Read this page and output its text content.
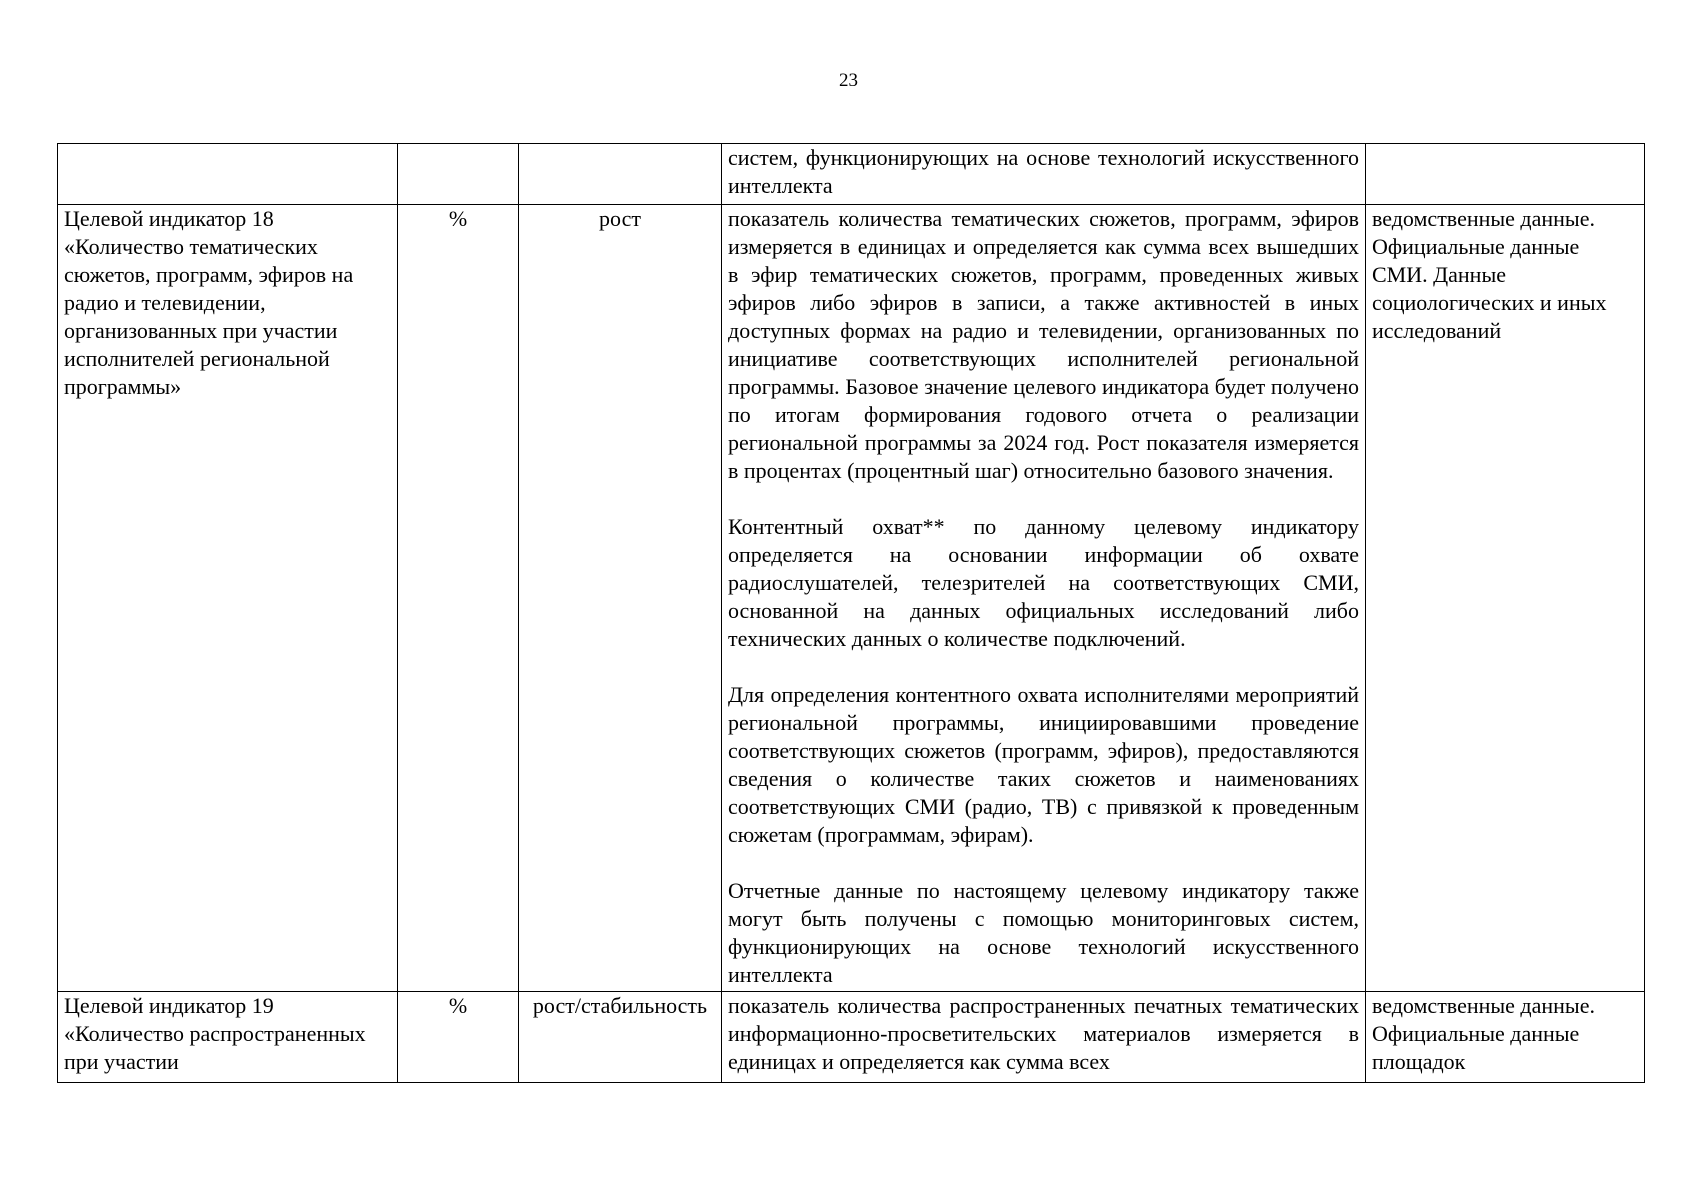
23

			систем, функционирующих на основе технологий искусственного интеллекта	

Целевой индикатор 18 «Количество тематических сюжетов, программ, эфиров на радио и телевидении, организованных при участии исполнителей региональной программы»	%	рост	показатель количества тематических сюжетов, программ, эфиров измеряется в единицах и определяется как сумма всех вышедших в эфир тематических сюжетов, программ, проведенных живых эфиров либо эфиров в записи, а также активностей в иных доступных формах на радио и телевидении, организованных по инициативе соответствующих исполнителей региональной программы. Базовое значение целевого индикатора будет получено по итогам формирования годового отчета о реализации региональной программы за 2024 год. Рост показателя измеряется в процентах (процентный шаг) относительно базового значения.
Контентный охват** по данному целевому индикатору определяется на основании информации об охвате радиослушателей, телезрителей на соответствующих СМИ, основанной на данных официальных исследований либо технических данных о количестве подключений.
Для определения контентного охвата исполнителями мероприятий региональной программы, инициировавшими проведение соответствующих сюжетов (программ, эфиров), предоставляются сведения о количестве таких сюжетов и наименованиях соответствующих СМИ (радио, ТВ) с привязкой к проведенным сюжетам (программам, эфирам).
Отчетные данные по настоящему целевому индикатору также могут быть получены с помощью мониторинговых систем, функционирующих на основе технологий искусственного интеллекта	ведомственные данные. Официальные данные СМИ. Данные социологических и иных исследований
Целевой индикатор 19 «Количество распространенных при участии	%	рост/стабильность	показатель количества распространенных печатных тематических информационно-просветительских материалов измеряется в единицах и определяется как сумма всех	ведомственные данные. Официальные данные площадок
